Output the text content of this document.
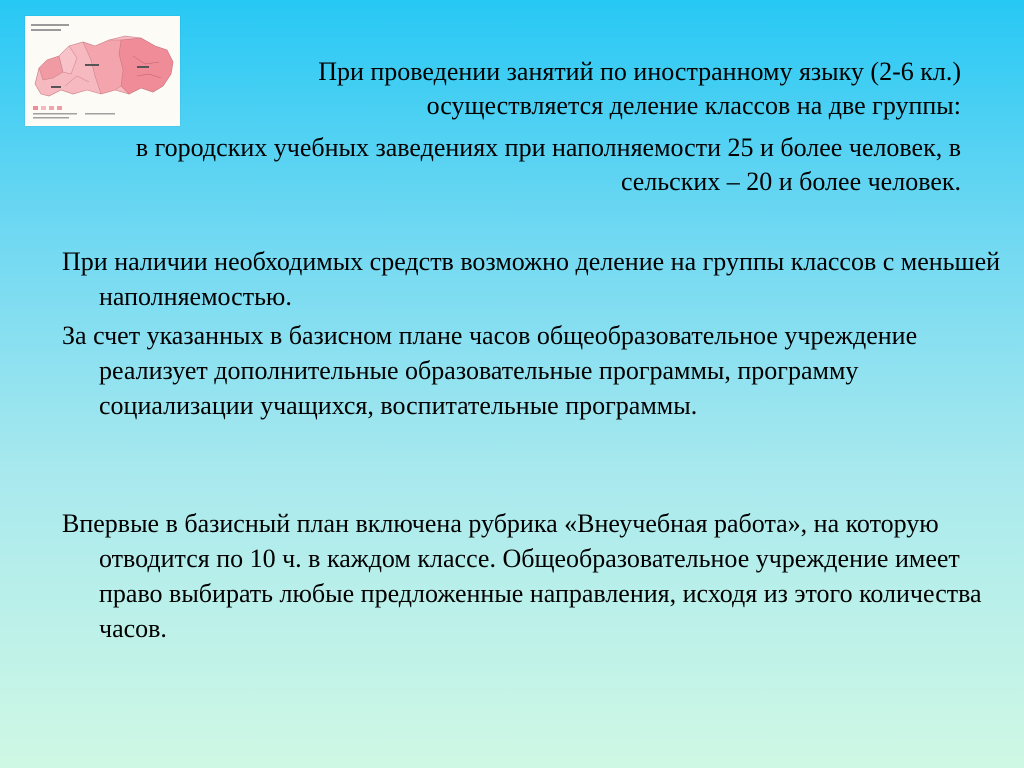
При проведении занятий по иностранному языку (2-6 кл.) осуществляется деление классов на две группы:

в городских учебных заведениях при наполняемости 25 и более человек, в сельских – 20 и более человек.

При наличии необходимых средств возможно деление на группы классов с меньшей наполняемостью.

За счет указанных в базисном плане часов общеобразовательное учреждение реализует дополнительные образовательные программы, программу социализации учащихся, воспитательные программы.

Впервые в базисный план включена рубрика «Внеучебная работа», на которую отводится по 10 ч. в каждом классе. Общеобразовательное учреждение имеет право выбирать любые предложенные направления, исходя из этого количества часов.
